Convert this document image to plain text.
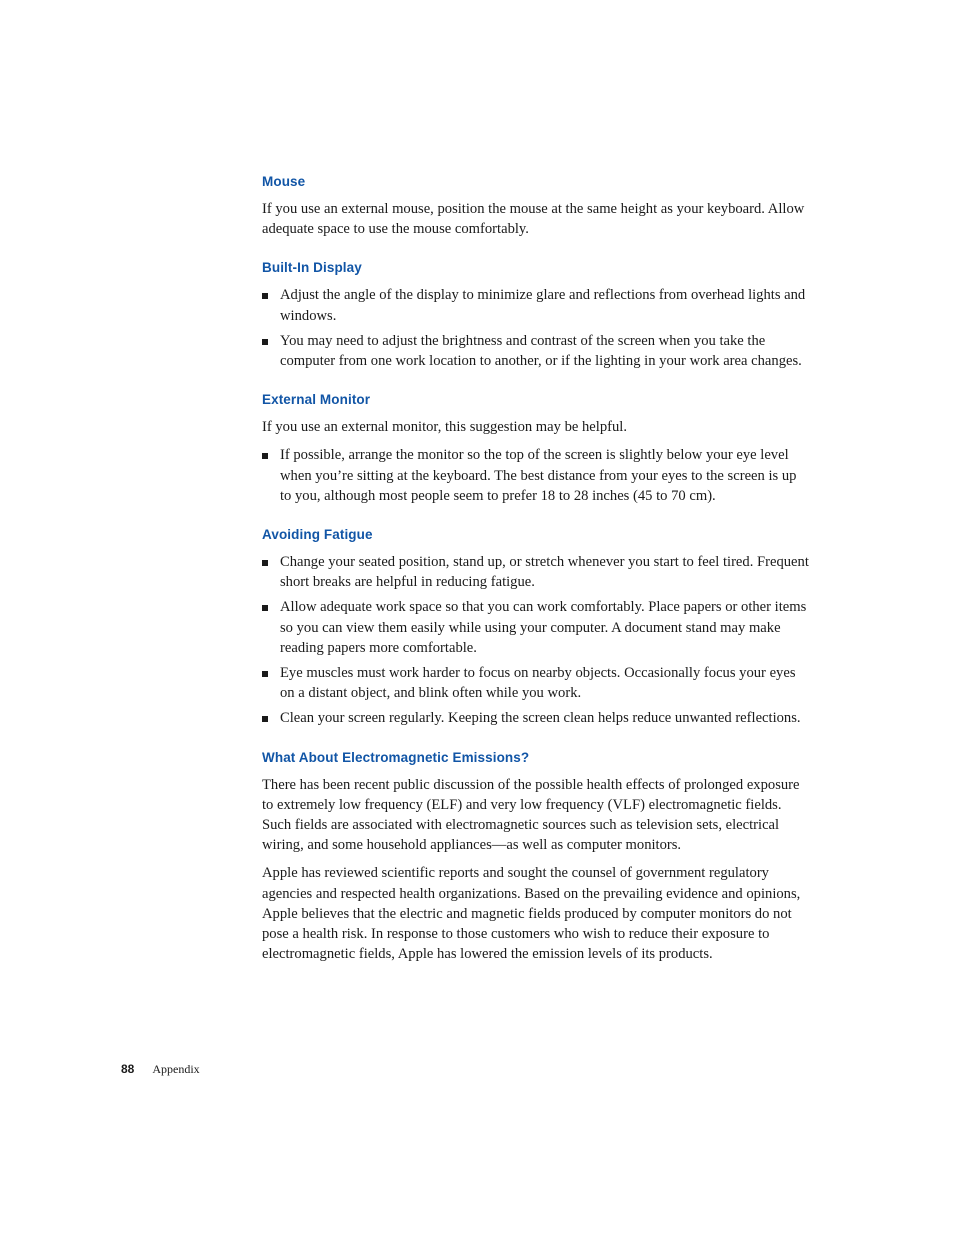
Mouse

If you use an external mouse, position the mouse at the same height as your keyboard. Allow adequate space to use the mouse comfortably.

Built-In Display
Adjust the angle of the display to minimize glare and reflections from overhead lights and windows.
You may need to adjust the brightness and contrast of the screen when you take the computer from one work location to another, or if the lighting in your work area changes.
External Monitor

If you use an external monitor, this suggestion may be helpful.

If possible, arrange the monitor so the top of the screen is slightly below your eye level when you’re sitting at the keyboard. The best distance from your eyes to the screen is up to you, although most people seem to prefer 18 to 28 inches (45 to 70 cm).
Avoiding Fatigue
Change your seated position, stand up, or stretch whenever you start to feel tired. Frequent short breaks are helpful in reducing fatigue.
Allow adequate work space so that you can work comfortably. Place papers or other items so you can view them easily while using your computer. A document stand may make reading papers more comfortable.
Eye muscles must work harder to focus on nearby objects. Occasionally focus your eyes on a distant object, and blink often while you work.
Clean your screen regularly. Keeping the screen clean helps reduce unwanted reflections.
What About Electromagnetic Emissions?

There has been recent public discussion of the possible health effects of prolonged exposure to extremely low frequency (ELF) and very low frequency (VLF) electromagnetic fields. Such fields are associated with electromagnetic sources such as television sets, electrical wiring, and some household appliances—as well as computer monitors.

Apple has reviewed scientific reports and sought the counsel of government regulatory agencies and respected health organizations. Based on the prevailing evidence and opinions, Apple believes that the electric and magnetic fields produced by computer monitors do not pose a health risk. In response to those customers who wish to reduce their exposure to electromagnetic fields, Apple has lowered the emission levels of its products.

88 Appendix
